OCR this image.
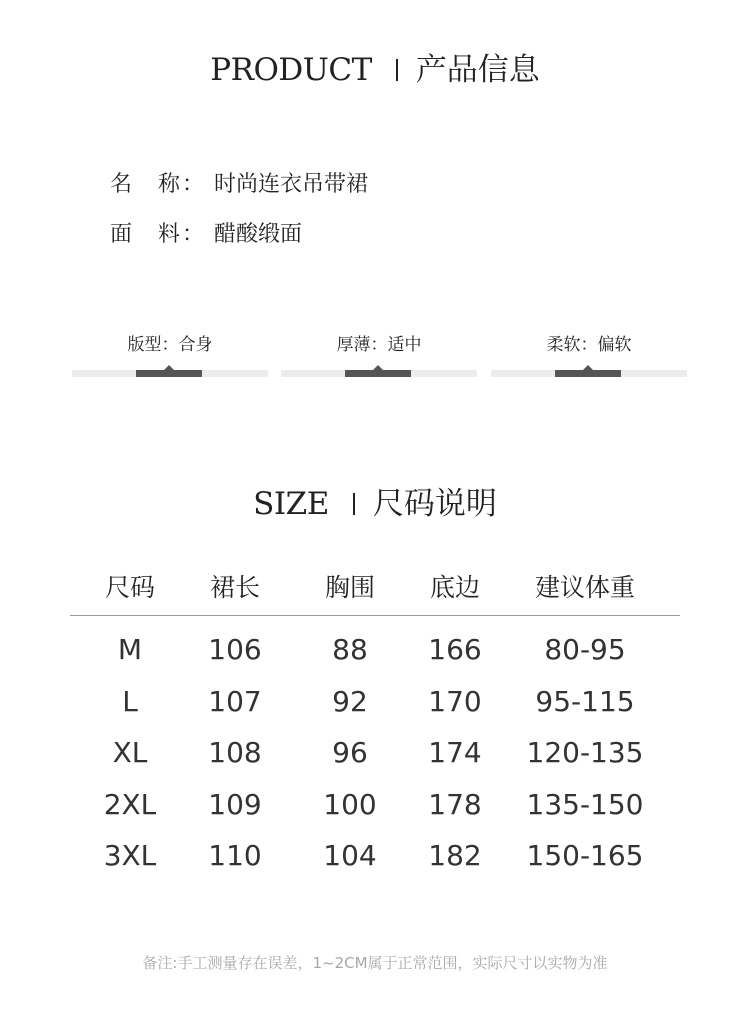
PRODUCT 产品信息
名　称： 时尚连衣吊带裙
面　料： 醋酸缎面
版型：合身	厚薄：适中	柔软：偏软
SIZE 尺码说明
尺码	裙长	胸围	底边	建议体重
M	106	88	166	80-95
L	107	92	170	95-115
XL	108	96	174	120-135
2XL	109	100	178	135-150
3XL	110	104	182	150-165
备注:手工测量存在误差，1~2CM属于正常范围，实际尺寸以实物为准
